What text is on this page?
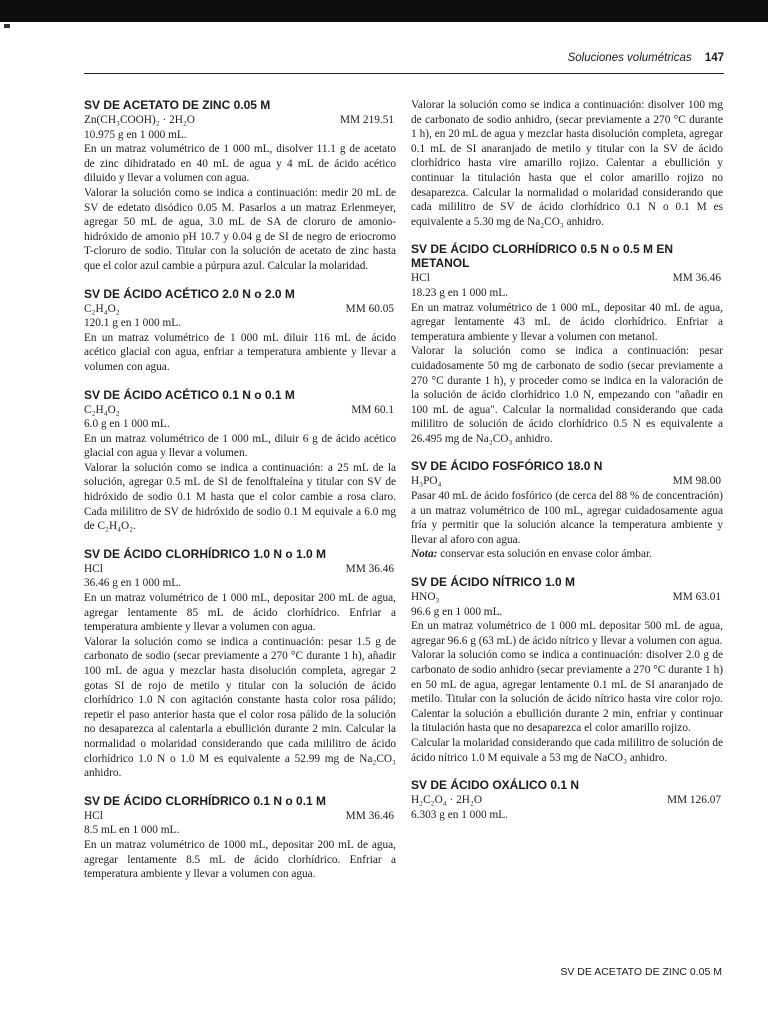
Soluciones volumétricas 147
SV DE ACETATO DE ZINC 0.05 M
Zn(CH₃COOH)₂ · 2H₂O	MM 219.51
10.975 g en 1 000 mL.

En un matraz volumétrico de 1 000 mL, disolver 11.1 g de acetato de zinc dihidratado en 40 mL de agua y 4 mL de ácido acético diluido y llevar a volumen con agua.

Valorar la solución como se indica a continuación: medir 20 mL de SV de edetato disódico 0.05 M. Pasarlos a un matraz Erlenmeyer, agregar 50 mL de agua, 3.0 mL de SA de cloruro de amonio-hidróxido de amonio pH 10.7 y 0.04 g de SI de negro de eriocromo T-cloruro de sodio. Titular con la solución de acetato de zinc hasta que el color azul cambie a púrpura azul. Calcular la molaridad.

SV DE ÁCIDO ACÉTICO 2.0 N o 2.0 M
C₂H₄O₂	MM 60.05
120.1 g en 1 000 mL.

En un matraz volumétrico de 1 000 mL diluir 116 mL de ácido acético glacial con agua, enfriar a temperatura ambiente y llevar a volumen con agua.

SV DE ÁCIDO ACÉTICO 0.1 N o 0.1 M
C₂H₄O₂	MM 60.1
6.0 g en 1 000 mL.

En un matraz volumétrico de 1 000 mL, diluir 6 g de ácido acético glacial con agua y llevar a volumen.

Valorar la solución como se indica a continuación: a 25 mL de la solución, agregar 0.5 mL de SI de fenolftaleína y titular con SV de hidróxido de sodio 0.1 M hasta que el color cambie a rosa claro. Cada mililitro de SV de hidróxido de sodio 0.1 M equivale a 6.0 mg de C₂H₄O₂.

SV DE ÁCIDO CLORHÍDRICO 1.0 N o 1.0 M
HCl	MM 36.46
36.46 g en 1 000 mL.

En un matraz volumétrico de 1 000 mL, depositar 200 mL de agua, agregar lentamente 85 mL de ácido clorhídrico. Enfriar a temperatura ambiente y llevar a volumen con agua.

Valorar la solución como se indica a continuación: pesar 1.5 g de carbonato de sodio (secar previamente a 270 °C durante 1 h), añadir 100 mL de agua y mezclar hasta disolución completa, agregar 2 gotas SI de rojo de metilo y titular con la solución de ácido clorhídrico 1.0 N con agitación constante hasta color rosa pálido; repetir el paso anterior hasta que el color rosa pálido de la solución no desaparezca al calentarla a ebullición durante 2 min. Calcular la normalidad o molaridad considerando que cada mililitro de ácido clorhídrico 1.0 N o 1.0 M es equivalente a 52.99 mg de Na₂CO₃ anhidro.

SV DE ÁCIDO CLORHÍDRICO 0.1 N o 0.1 M
HCl	MM 36.46
8.5 mL en 1 000 mL.

En un matraz volumétrico de 1000 mL, depositar 200 mL de agua, agregar lentamente 8.5 mL de ácido clorhídrico. Enfriar a temperatura ambiente y llevar a volumen con agua.

Valorar la solución como se indica a continuación: disolver 100 mg de carbonato de sodio anhidro, (secar previamente a 270 °C durante 1 h), en 20 mL de agua y mezclar hasta disolución completa, agregar 0.1 mL de SI anaranjado de metilo y titular con la SV de ácido clorhídrico hasta vire amarillo rojizo. Calentar a ebullición y continuar la titulación hasta que el color amarillo rojizo no desaparezca. Calcular la normalidad o molaridad considerando que cada mililitro de SV de ácido clorhídrico 0.1 N o 0.1 M es equivalente a 5.30 mg de Na₂CO₃ anhidro.

SV DE ÁCIDO CLORHÍDRICO 0.5 N o 0.5 M EN METANOL
HCl	MM 36.46
18.23 g en 1 000 mL.

En un matraz volumétrico de 1 000 mL, depositar 40 mL de agua, agregar lentamente 43 mL de ácido clorhídrico. Enfriar a temperatura ambiente y llevar a volumen con metanol.

Valorar la solución como se indica a continuación: pesar cuidadosamente 50 mg de carbonato de sodio (secar previamente a 270 °C durante 1 h), y proceder como se indica en la valoración de la solución de ácido clorhídrico 1.0 N, empezando con "añadir en 100 mL de agua". Calcular la normalidad considerando que cada mililitro de solución de ácido clorhídrico 0.5 N es equivalente a 26.495 mg de Na₂CO₃ anhidro.

SV DE ÁCIDO FOSFÓRICO 18.0 N
H₃PO₄	MM 98.00

Pasar 40 mL de ácido fosfórico (de cerca del 88 % de concentración) a un matraz volumétrico de 100 mL, agregar cuidadosamente agua fría y permitir que la solución alcance la temperatura ambiente y llevar al aforo con agua.

Nota: conservar esta solución en envase color ámbar.

SV DE ÁCIDO NÍTRICO 1.0 M
HNO₃	MM 63.01
96.6 g en 1 000 mL.

En un matraz volumétrico de 1 000 mL depositar 500 mL de agua, agregar 96.6 g (63 mL) de ácido nítrico y llevar a volumen con agua.

Valorar la solución como se indica a continuación: disolver 2.0 g de carbonato de sodio anhidro (secar previamente a 270 °C durante 1 h) en 50 mL de agua, agregar lentamente 0.1 mL de SI anaranjado de metilo. Titular con la solución de ácido nítrico hasta vire color rojo. Calentar la solución a ebullición durante 2 min, enfriar y continuar la titulación hasta que no desaparezca el color amarillo rojizo.

Calcular la molaridad considerando que cada mililitro de solución de ácido nítrico 1.0 M equivale a 53 mg de NaCO₃ anhidro.

SV DE ÁCIDO OXÁLICO 0.1 N
H₂C₂O₄ · 2H₂O	MM 126.07
6.303 g en 1 000 mL.
SV DE ACETATO DE ZINC 0.05 M
